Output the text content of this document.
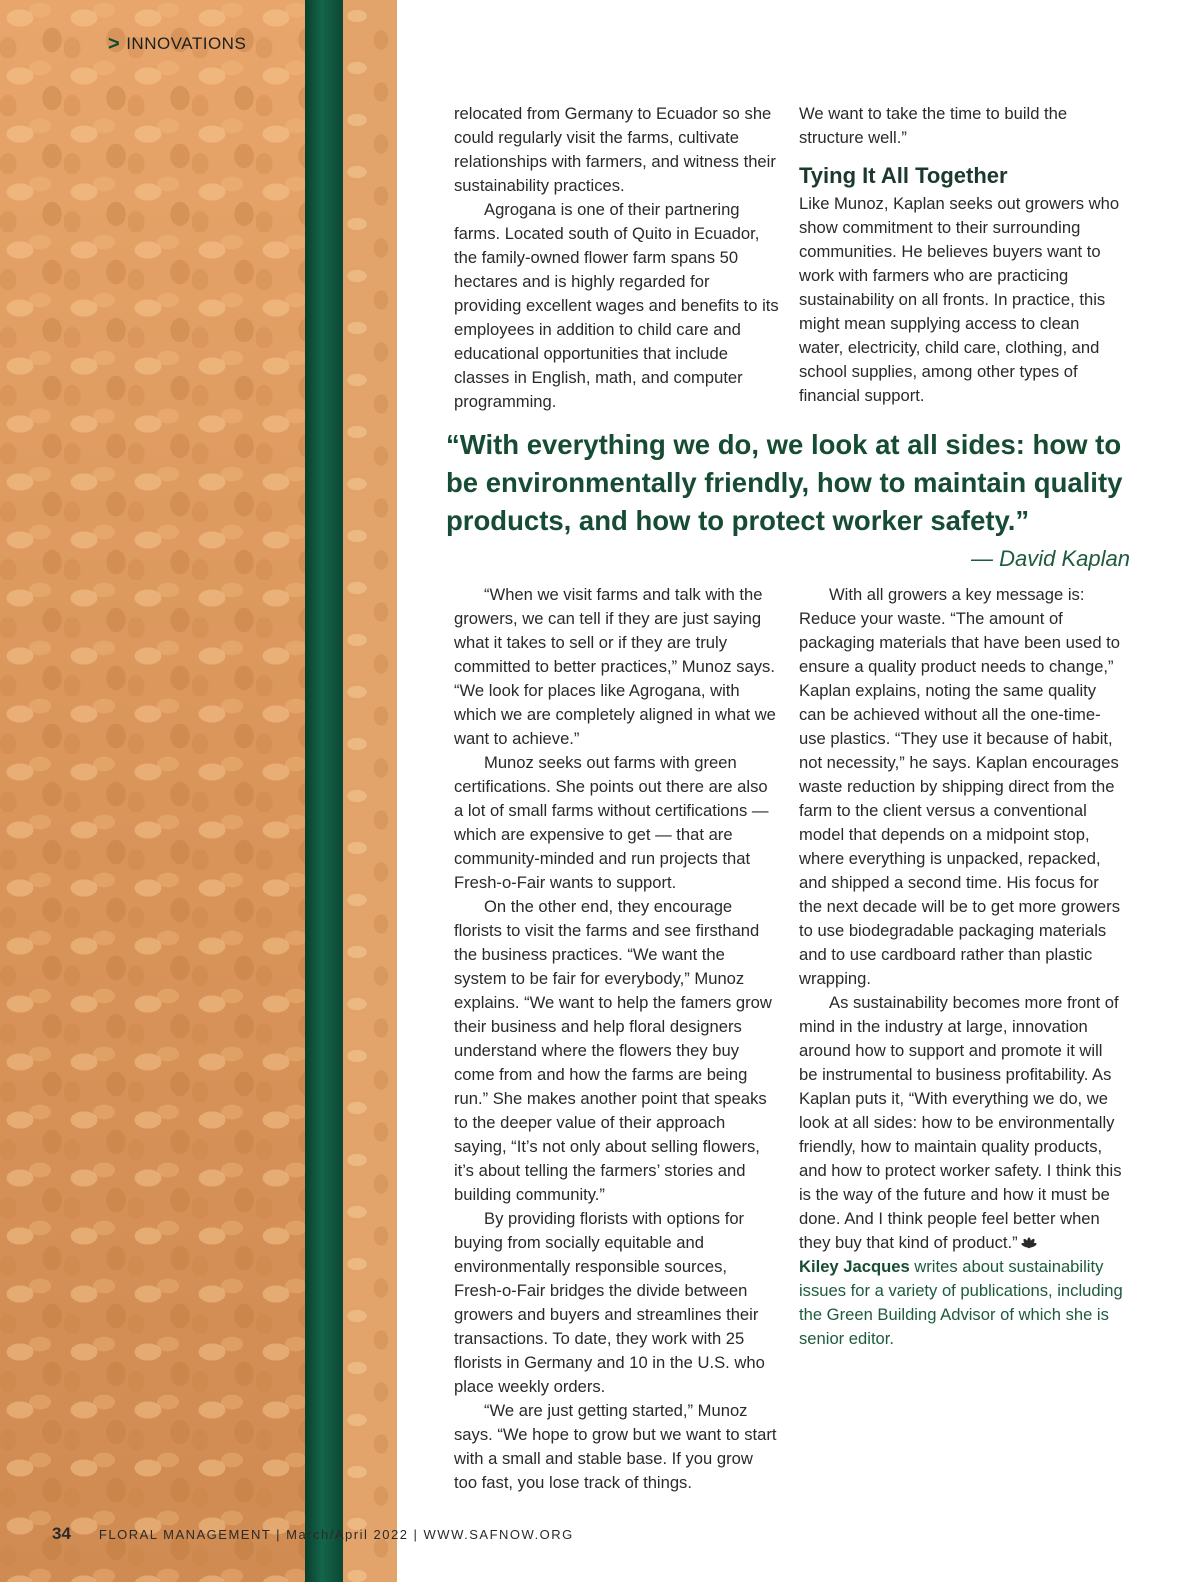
> INNOVATIONS

relocated from Germany to Ecuador so she could regularly visit the farms, cultivate relationships with farmers, and witness their sustainability practices.

Agrogana is one of their partnering farms. Located south of Quito in Ecuador, the family-owned flower farm spans 50 hectares and is highly regarded for providing excellent wages and benefits to its employees in addition to child care and educational opportunities that include classes in English, math, and computer programming.

We want to take the time to build the structure well.”

Tying It All Together

Like Munoz, Kaplan seeks out growers who show commitment to their surrounding communities. He believes buyers want to work with farmers who are practicing sustainability on all fronts. In practice, this might mean supplying access to clean water, electricity, child care, clothing, and school supplies, among other types of financial support.

“With everything we do, we look at all sides: how to be environmentally friendly, how to maintain quality products, and how to protect worker safety.”

— David Kaplan

“When we visit farms and talk with the growers, we can tell if they are just saying what it takes to sell or if they are truly committed to better practices,” Munoz says. “We look for places like Agrogana, with which we are completely aligned in what we want to achieve.”

Munoz seeks out farms with green certifications. She points out there are also a lot of small farms without certifications — which are expensive to get — that are community-minded and run projects that Fresh-o-Fair wants to support.

On the other end, they encourage florists to visit the farms and see firsthand the business practices. “We want the system to be fair for everybody,” Munoz explains. “We want to help the famers grow their business and help floral designers understand where the flowers they buy come from and how the farms are being run.” She makes another point that speaks to the deeper value of their approach saying, “It’s not only about selling flowers, it’s about telling the farmers’ stories and building community.”

By providing florists with options for buying from socially equitable and environmentally responsible sources, Fresh-o-Fair bridges the divide between growers and buyers and streamlines their transactions. To date, they work with 25 florists in Germany and 10 in the U.S. who place weekly orders.

“We are just getting started,” Munoz says. “We hope to grow but we want to start with a small and stable base. If you grow too fast, you lose track of things.

With all growers a key message is: Reduce your waste. “The amount of packaging materials that have been used to ensure a quality product needs to change,” Kaplan explains, noting the same quality can be achieved without all the one-time-use plastics. “They use it because of habit, not necessity,” he says. Kaplan encourages waste reduction by shipping direct from the farm to the client versus a conventional model that depends on a midpoint stop, where everything is unpacked, repacked, and shipped a second time. His focus for the next decade will be to get more growers to use biodegradable packaging materials and to use cardboard rather than plastic wrapping.

As sustainability becomes more front of mind in the industry at large, innovation around how to support and promote it will be instrumental to business profitability. As Kaplan puts it, “With everything we do, we look at all sides: how to be environmentally friendly, how to maintain quality products, and how to protect worker safety. I think this is the way of the future and how it must be done. And I think people feel better when they buy that kind of product.”

Kiley Jacques writes about sustainability issues for a variety of publications, including the Green Building Advisor of which she is senior editor.

34 FLORAL MANAGEMENT | March/April 2022 | WWW.SAFNOW.ORG
